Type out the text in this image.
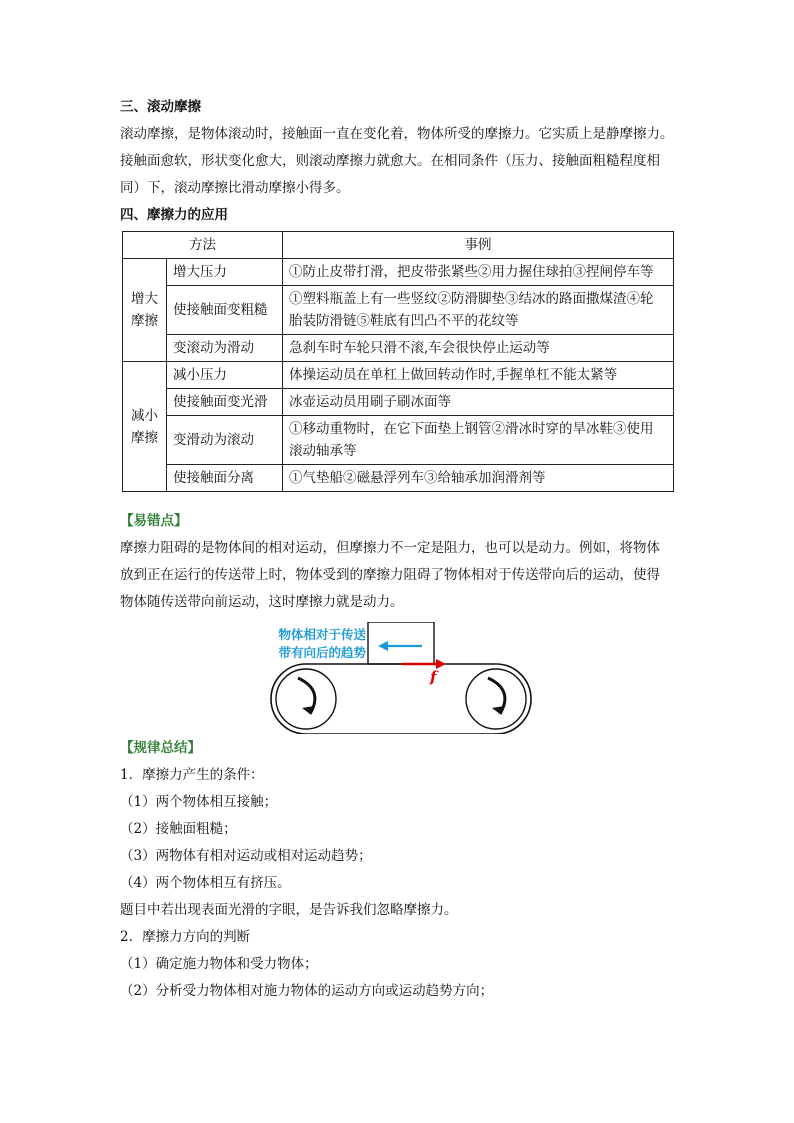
三、滚动摩擦
滚动摩擦，是物体滚动时，接触面一直在变化着，物体所受的摩擦力。它实质上是静摩擦力。
接触面愈软，形状变化愈大，则滚动摩擦力就愈大。在相同条件（压力、接触面粗糙程度相
同）下，滚动摩擦比滑动摩擦小得多。
四、摩擦力的应用
方法		事例

增大
摩擦	增大压力	①防止皮带打滑，把皮带张紧些②用力握住球拍③捏闸停车等

	使接触面变粗糙	①塑料瓶盖上有一些竖纹②防滑脚垫③结冰的路面撒煤渣④轮
胎装防滑链⑤鞋底有凹凸不平的花纹等

	变滚动为滑动	急刹车时车轮只滑不滚,车会很快停止运动等

减小
摩擦	减小压力	体操运动员在单杠上做回转动作时,手握单杠不能太紧等

	使接触面变光滑	冰壶运动员用刷子刷冰面等

	变滑动为滚动	①移动重物时，在它下面垫上钢管②滑冰时穿的旱冰鞋③使用
滚动轴承等

	使接触面分离	①气垫船②磁悬浮列车③给轴承加润滑剂等
【易错点】
摩擦力阻碍的是物体间的相对运动，但摩擦力不一定是阻力，也可以是动力。例如，将物体
放到正在运行的传送带上时，物体受到的摩擦力阻碍了物体相对于传送带向后的运动，使得
物体随传送带向前运动，这时摩擦力就是动力。
物体相对于传送
带有向后的趋势
f
【规律总结】
1．摩擦力产生的条件：
（1）两个物体相互接触；
（2）接触面粗糙；
（3）两物体有相对运动或相对运动趋势；
（4）两个物体相互有挤压。
题目中若出现表面光滑的字眼，是告诉我们忽略摩擦力。
2．摩擦力方向的判断
（1）确定施力物体和受力物体；
（2）分析受力物体相对施力物体的运动方向或运动趋势方向；
